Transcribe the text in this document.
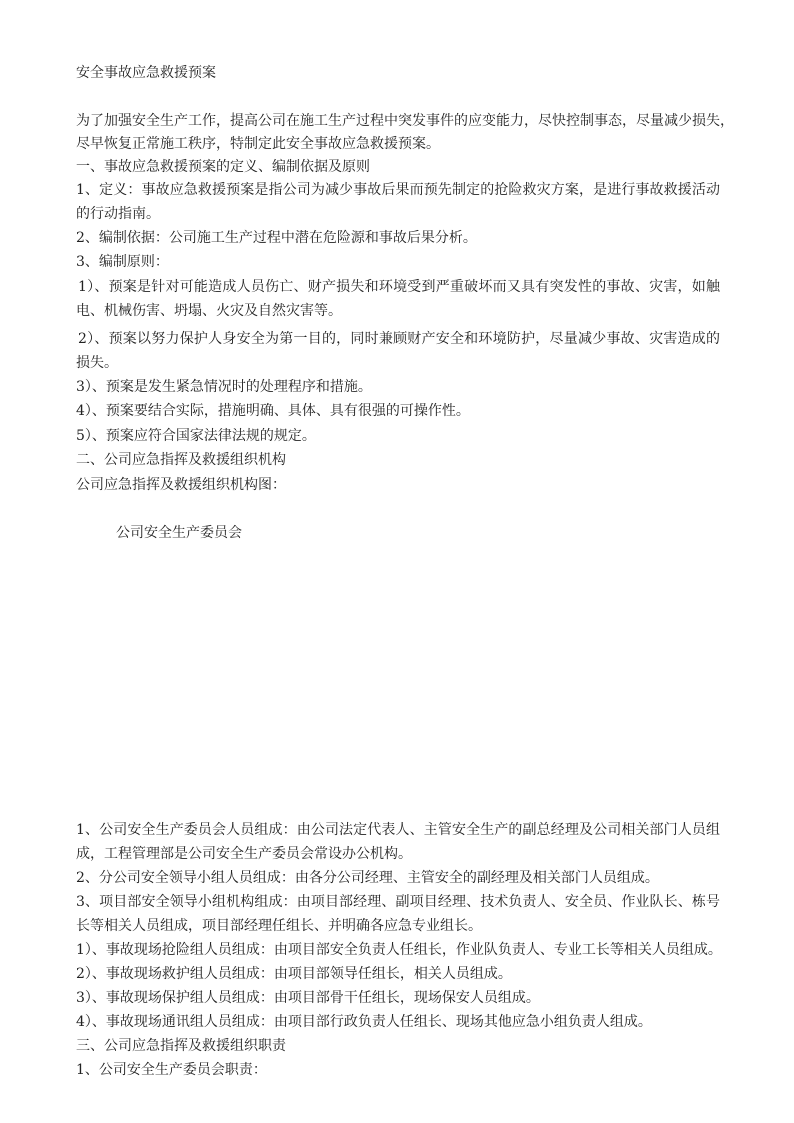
安全事故应急救援预案
为了加强安全生产工作，提高公司在施工生产过程中突发事件的应变能力，尽快控制事态，尽量减少损失，
尽早恢复正常施工秩序，特制定此安全事故应急救援预案。
一、事故应急救援预案的定义、编制依据及原则
1、定义：事故应急救援预案是指公司为减少事故后果而预先制定的抢险救灾方案，是进行事故救援活动
的行动指南。
2、编制依据：公司施工生产过程中潜在危险源和事故后果分析。
3、编制原则：
1）、预案是针对可能造成人员伤亡、财产损失和环境受到严重破坏而又具有突发性的事故、灾害，如触
电、机械伤害、坍塌、火灾及自然灾害等。
2）、预案以努力保护人身安全为第一目的，同时兼顾财产安全和环境防护，尽量减少事故、灾害造成的
损失。
3）、预案是发生紧急情况时的处理程序和措施。
4）、预案要结合实际，措施明确、具体、具有很强的可操作性。
5）、预案应符合国家法律法规的规定。
二、公司应急指挥及救援组织机构
公司应急指挥及救援组织机构图：
公司安全生产委员会
1、公司安全生产委员会人员组成：由公司法定代表人、主管安全生产的副总经理及公司相关部门人员组
成，工程管理部是公司安全生产委员会常设办公机构。
2、分公司安全领导小组人员组成：由各分公司经理、主管安全的副经理及相关部门人员组成。
3、项目部安全领导小组机构组成：由项目部经理、副项目经理、技术负责人、安全员、作业队长、栋号
长等相关人员组成，项目部经理任组长、并明确各应急专业组长。
1）、事故现场抢险组人员组成：由项目部安全负责人任组长，作业队负责人、专业工长等相关人员组成。
2）、事故现场救护组人员组成：由项目部领导任组长，相关人员组成。
3）、事故现场保护组人员组成：由项目部骨干任组长，现场保安人员组成。
4）、事故现场通讯组人员组成：由项目部行政负责人任组长、现场其他应急小组负责人组成。
三、公司应急指挥及救援组织职责
1、公司安全生产委员会职责：
